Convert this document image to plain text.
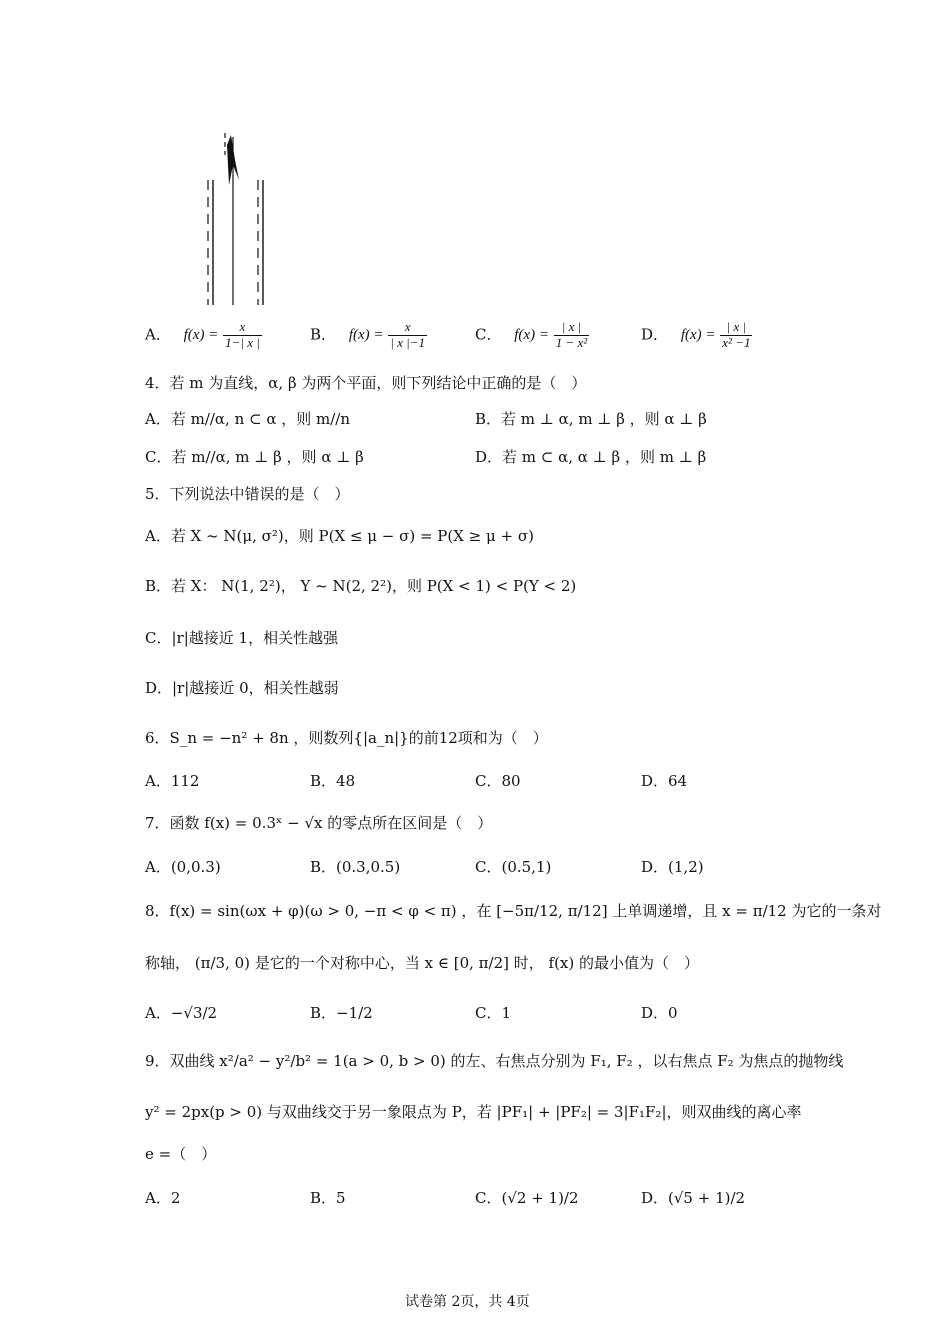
A． $f(x) = \frac{x}{1-| x |}$	B． $f(x) = \frac{x}{| x |-1}$	C． $f(x) = \frac{| x |}{\text{1 − x²}}$	D． $f(x) = \frac{| x |}{\text{x² −1}}$
4．若 m 为直线，α, β 为两个平面，则下列结论中正确的是（　）
A．若 m//α, n ⊂ α ，则 m//n	B．若 m ⊥ α, m ⊥ β ，则 α ⊥ β
C．若 m//α, m ⊥ β ，则 α ⊥ β	D．若 m ⊂ α, α ⊥ β ，则 m ⊥ β
5．下列说法中错误的是（　）
A．若 X ~ N(μ, σ²)，则 P(X ≤ μ − σ) = P(X ≥ μ + σ)
B．若 X： N(1, 2²)， Y ~ N(2, 2²)，则 P(X < 1) < P(Y < 2)
C．|r|越接近 1，相关性越强
D．|r|越接近 0，相关性越弱
6．S_n = −n² + 8n ，则数列{|a_n|}的前12项和为（　）
A．112	B．48	C．80	D．64
7．函数 f(x) = 0.3ˣ − √x 的零点所在区间是（　）
A．(0,0.3)	B．(0.3,0.5)	C．(0.5,1)	D．(1,2)
8．f(x) = sin(ωx + φ)(ω > 0, −π < φ < π) ，在 [−5π/12, π/12] 上单调递增，且 x = π/12 为它的一条对
称轴， (π/3, 0) 是它的一个对称中心，当 x ∈ [0, π/2] 时， f(x) 的最小值为（　）
A．−√3/2	B．−1/2	C．1	D．0
9．双曲线 x²/a² − y²/b² = 1(a > 0, b > 0) 的左、右焦点分别为 F₁, F₂ ，以右焦点 F₂ 为焦点的抛物线
y² = 2px(p > 0) 与双曲线交于另一象限点为 P，若 |PF₁| + |PF₂| = 3|F₁F₂|，则双曲线的离心率
e =（　）
A．2	B．5	C．(√2 + 1)/2	D．(√5 + 1)/2
试卷第 2页，共 4页
